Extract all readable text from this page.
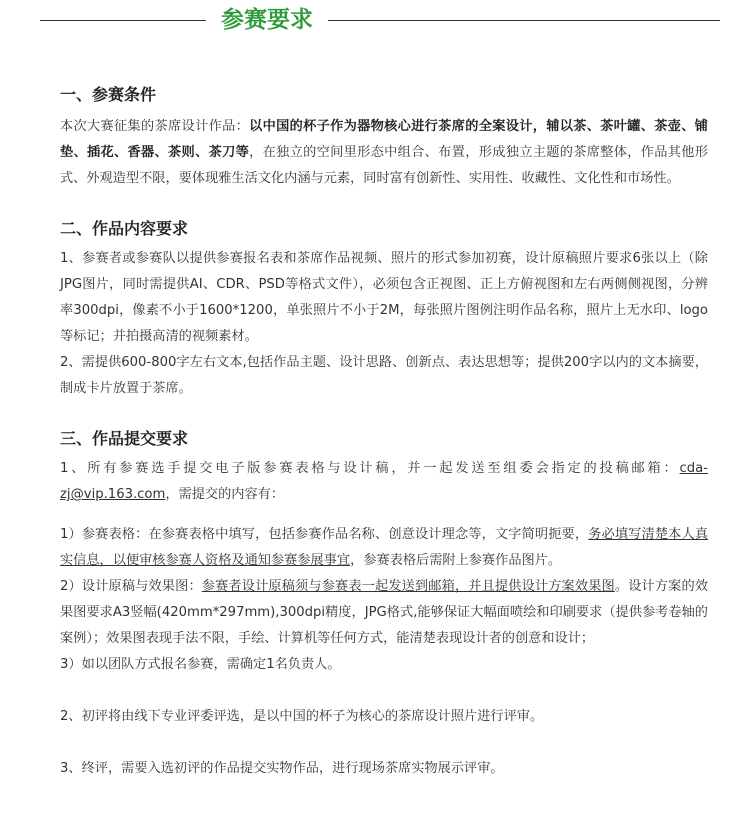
参赛要求
一、参赛条件

本次大赛征集的茶席设计作品：以中国的杯子作为器物核心进行茶席的全案设计，辅以茶、茶叶罐、茶壶、铺垫、插花、香器、茶则、茶刀等，在独立的空间里形态中组合、布置，形成独立主题的茶席整体，作品其他形式、外观造型不限，要体现雅生活文化内涵与元素，同时富有创新性、实用性、收藏性、文化性和市场性。

二、作品内容要求

1、参赛者或参赛队以提供参赛报名表和茶席作品视频、照片的形式参加初赛，设计原稿照片要求6张以上（除JPG图片，同时需提供AI、CDR、PSD等格式文件），必须包含正视图、正上方俯视图和左右两侧侧视图，分辨率300dpi，像素不小于1600*1200，单张照片不小于2M，每张照片图例注明作品名称，照片上无水印、logo等标记；并拍摄高清的视频素材。

2、需提供600-800字左右文本,包括作品主题、设计思路、创新点、表达思想等；提供200字以内的文本摘要，制成卡片放置于茶席。

三、作品提交要求

1、所有参赛选手提交电子版参赛表格与设计稿，并一起发送至组委会指定的投稿邮箱：cda-zj@vip.163.com，需提交的内容有：

1）参赛表格：在参赛表格中填写，包括参赛作品名称、创意设计理念等，文字简明扼要，务必填写清楚本人真实信息，以便审核参赛人资格及通知参赛参展事宜，参赛表格后需附上参赛作品图片。

2）设计原稿与效果图：参赛者设计原稿须与参赛表一起发送到邮箱，并且提供设计方案效果图。设计方案的效果图要求A3竖幅(420mm*297mm),300dpi精度，JPG格式,能够保证大幅面喷绘和印刷要求（提供参考卷轴的案例）；效果图表现手法不限，手绘、计算机等任何方式，能清楚表现设计者的创意和设计；

3）如以团队方式报名参赛，需确定1名负责人。

2、初评将由线下专业评委评选，是以中国的杯子为核心的茶席设计照片进行评审。

3、终评，需要入选初评的作品提交实物作品，进行现场茶席实物展示评审。
